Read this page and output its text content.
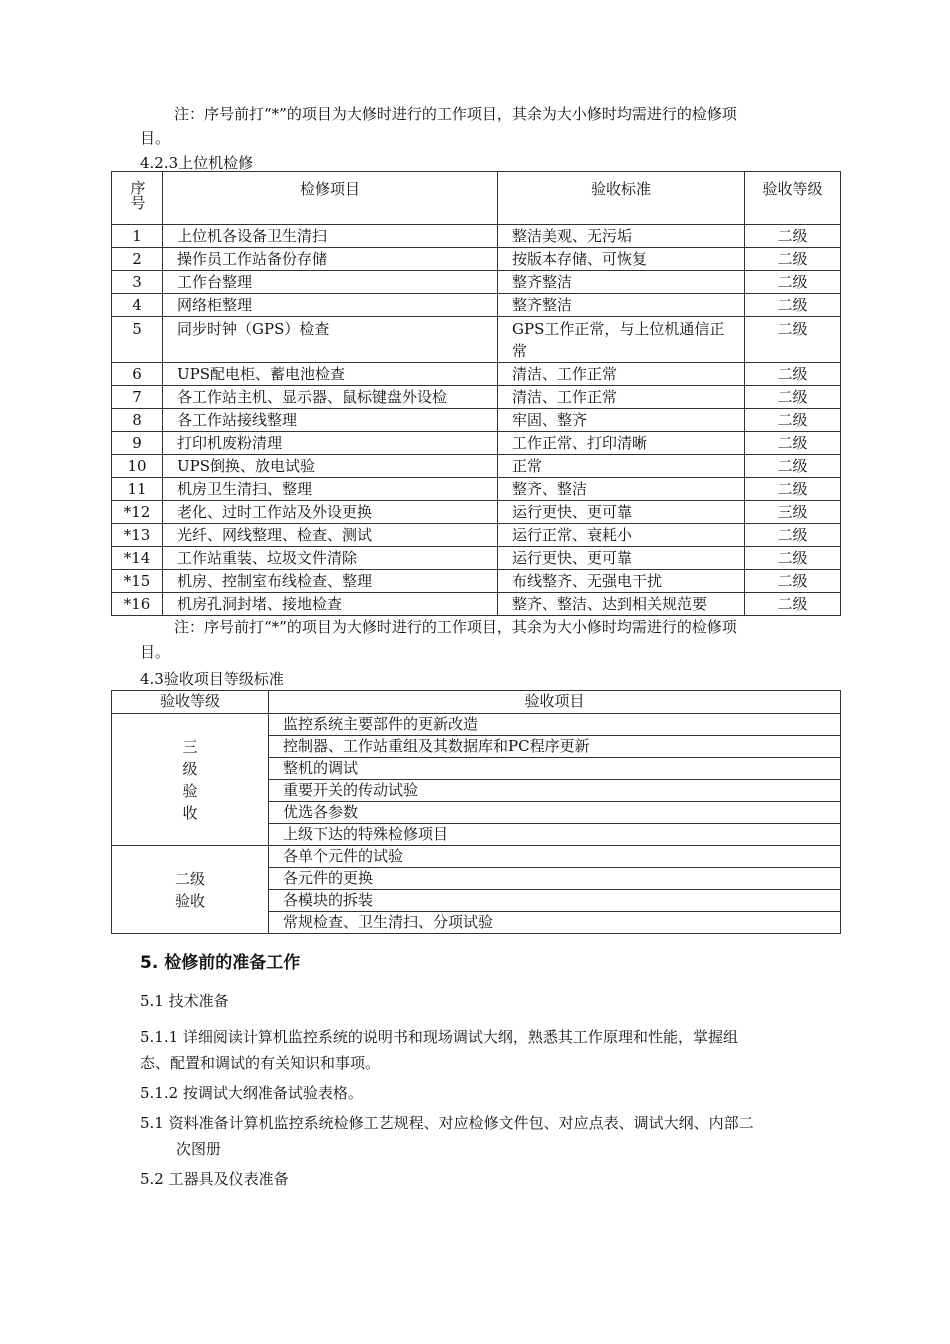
注：序号前打“*”的项目为大修时进行的工作项目，其余为大小修时均需进行的检修项
目。
4.2.3上位机检修
序号	检修项目	验收标准	验收等级
1	上位机各设备卫生清扫	整洁美观、无污垢	二级
2	操作员工作站备份存储	按版本存储、可恢复	二级
3	工作台整理	整齐整洁	二级
4	网络柜整理	整齐整洁	二级
5	同步时钟（GPS）检查	GPS工作正常，与上位机通信正常	二级
6	UPS配电柜、蓄电池检查	清洁、工作正常	二级
7	各工作站主机、显示器、鼠标键盘外设检	清洁、工作正常	二级
8	各工作站接线整理	牢固、整齐	二级
9	打印机废粉清理	工作正常、打印清晰	二级
10	UPS倒换、放电试验	正常	二级
11	机房卫生清扫、整理	整齐、整洁	二级
*12	老化、过时工作站及外设更换	运行更快、更可靠	三级
*13	光纤、网线整理、检查、测试	运行正常、衰耗小	二级
*14	工作站重装、垃圾文件清除	运行更快、更可靠	二级
*15	机房、控制室布线检查、整理	布线整齐、无强电干扰	二级
*16	机房孔洞封堵、接地检查	整齐、整洁、达到相关规范要	二级
注：序号前打“*”的项目为大修时进行的工作项目，其余为大小修时均需进行的检修项
目。
4.3验收项目等级标准
验收等级	验收项目

三
级
验
收	监控系统主要部件的更新改造
	控制器、工作站重组及其数据库和PC程序更新
	整机的调试
	重要开关的传动试验
	优选各参数
	上级下达的特殊检修项目

二级
验收	各单个元件的试验
	各元件的更换
	各模块的拆装
	常规检查、卫生清扫、分项试验
5. 检修前的准备工作
5.1 技术准备
5.1.1 详细阅读计算机监控系统的说明书和现场调试大纲，熟悉其工作原理和性能，掌握组
态、配置和调试的有关知识和事项。
5.1.2 按调试大纲准备试验表格。
5.1 资料准备计算机监控系统检修工艺规程、对应检修文件包、对应点表、调试大纲、内部二
次图册
5.2 工器具及仪表准备
